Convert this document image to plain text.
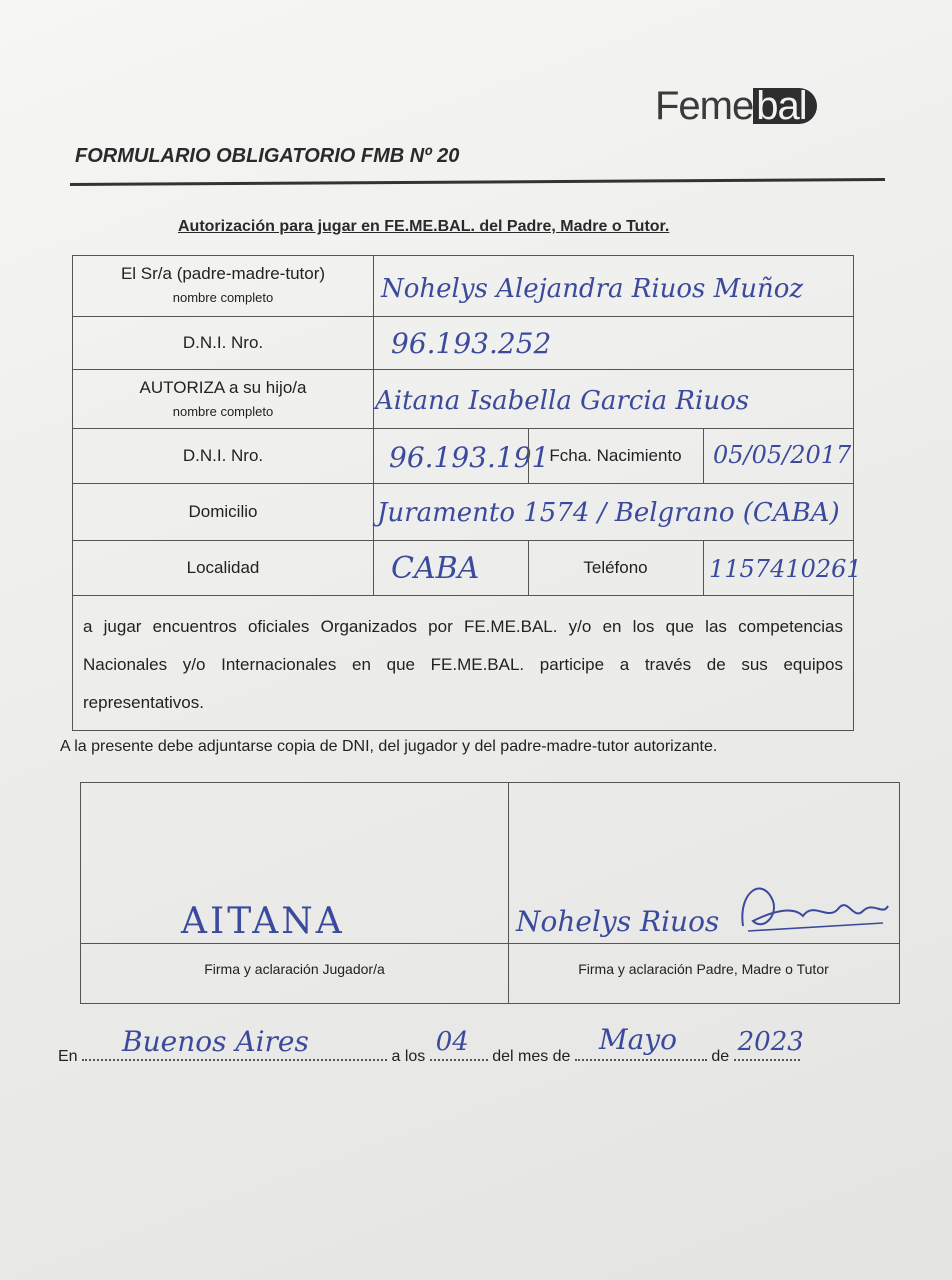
Femebal
FORMULARIO OBLIGATORIO FMB Nº 20
Autorización para jugar en FE.ME.BAL. del Padre, Madre o Tutor.
El Sr/a (padre-madre-tutor)
nombre completo	Nohelys Alejandra Riuos Muñoz
D.N.I. Nro.	96.193.252
AUTORIZA a su hijo/a
nombre completo	Aitana Isabella Garcia Riuos
D.N.I. Nro.	96.193.191 Fcha. Nacimiento	05/05/2017
Domicilio	Juramento 1574 / Belgrano (CABA)
Localidad	CABA	Teléfono	1157410261
a jugar encuentros oficiales Organizados por FE.ME.BAL. y/o en los que las competencias Nacionales y/o Internacionales en que FE.ME.BAL. participe a través de sus equipos representativos.
A la presente debe adjuntarse copia de DNI, del jugador y del padre-madre-tutor autorizante.
AITANA
Firma y aclaración Jugador/a
Nohelys Riuos
Firma y aclaración Padre, Madre o Tutor
En Buenos Aires	a los 04 del mes de
Mayo
de 2023
